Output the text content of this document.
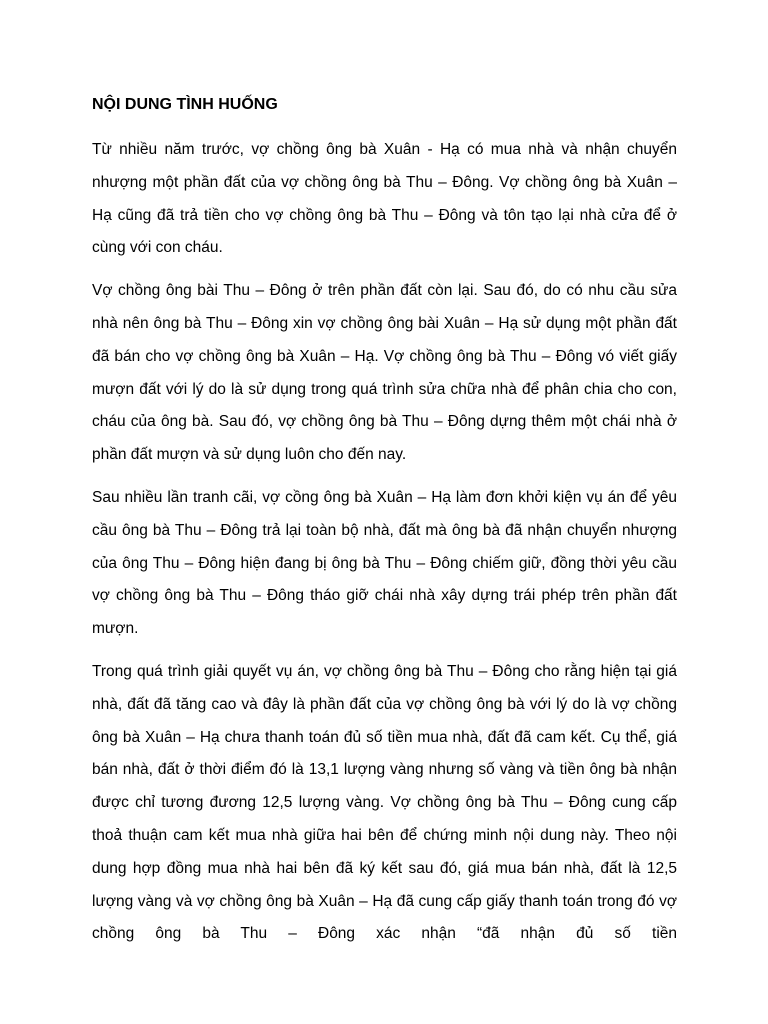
NỘI DUNG TÌNH HUỐNG

Từ nhiều năm trước, vợ chồng ông bà Xuân - Hạ có mua nhà và nhận chuyển nhượng một phần đất của vợ chồng ông bà Thu – Đông. Vợ chồng ông bà Xuân – Hạ cũng đã trả tiền cho vợ chồng ông bà Thu – Đông và tôn tạo lại nhà cửa để ở cùng với con cháu.

Vợ chồng ông bài Thu – Đông ở trên phần đất còn lại. Sau đó, do có nhu cầu sửa nhà nên ông bà Thu – Đông xin vợ chồng ông bài Xuân – Hạ sử dụng một phần đất đã bán cho vợ chồng ông bà Xuân – Hạ. Vợ chồng ông bà Thu – Đông vó viết giấy mượn đất với lý do là sử dụng trong quá trình sửa chữa nhà để phân chia cho con, cháu của ông bà. Sau đó, vợ chồng ông bà Thu – Đông dựng thêm một chái nhà ở phần đất mượn và sử dụng luôn cho đến nay.

Sau nhiều lần tranh cãi, vợ cồng ông bà Xuân – Hạ làm đơn khởi kiện vụ án để yêu cầu ông bà Thu – Đông trả lại toàn bộ nhà, đất mà ông bà đã nhận chuyển nhượng của ông Thu – Đông hiện đang bị ông bà Thu – Đông chiếm giữ, đồng thời yêu cầu vợ chồng ông bà Thu – Đông tháo giỡ chái nhà xây dựng trái phép trên phần đất mượn.

Trong quá trình giải quyết vụ án, vợ chồng ông bà Thu – Đông cho rằng hiện tại giá nhà, đất đã tăng cao và đây là phần đất của vợ chồng ông bà với lý do là vợ chồng ông bà Xuân – Hạ chưa thanh toán đủ số tiền mua nhà, đất đã cam kết. Cụ thể, giá bán nhà, đất ở thời điểm đó là 13,1 lượng vàng nhưng số vàng và tiền ông bà nhận được chỉ tương đương 12,5 lượng vàng. Vợ chồng ông bà Thu – Đông cung cấp thoả thuận cam kết mua nhà giữa hai bên để chứng minh nội dung này. Theo nội dung hợp đồng mua nhà hai bên đã ký kết sau đó, giá mua bán nhà, đất là 12,5 lượng vàng và vợ chồng ông bà Xuân – Hạ đã cung cấp giấy thanh toán trong đó vợ chồng ông bà Thu – Đông xác nhận “đã nhận đủ số tiền
